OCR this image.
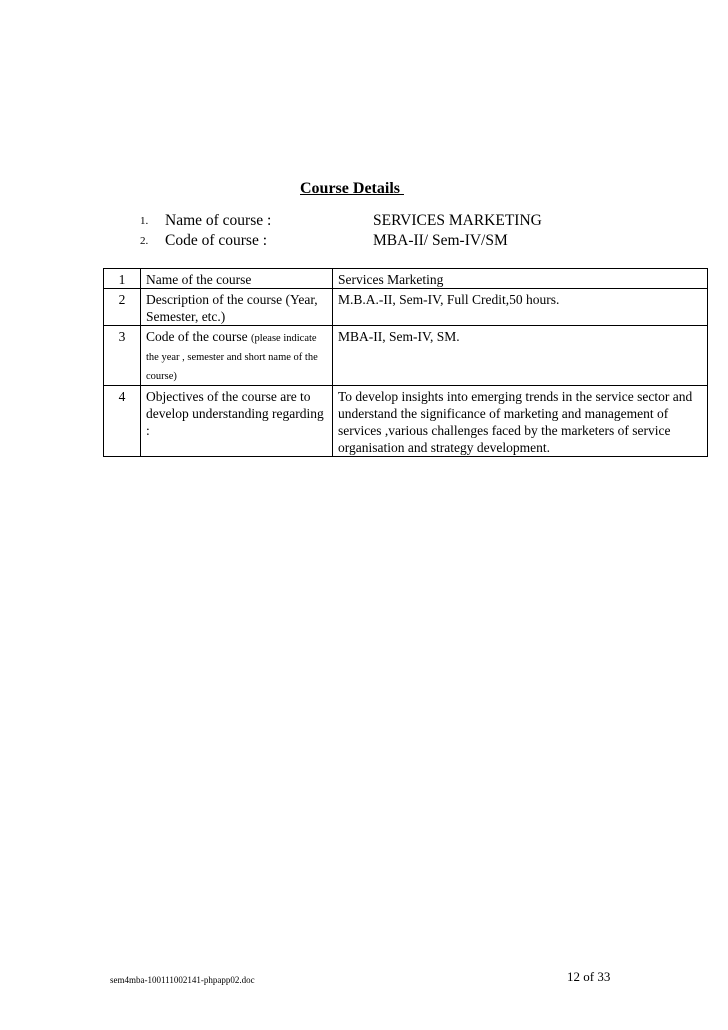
Course Details
1. Name of course :	SERVICES MARKETING
2. Code of course :	MBA-II/ Sem-IV/SM
1	Name of the course	Services Marketing
2	Description of the course (Year, Semester, etc.)	M.B.A.-II, Sem-IV, Full Credit,50 hours.
3	Code of the course (please indicate the year , semester and short name of the course)	MBA-II, Sem-IV, SM.
4	Objectives of the course are to develop understanding regarding :	To develop insights into emerging trends in the service sector and understand the significance of marketing and management of services ,various challenges faced by the marketers of service organisation and strategy development.
sem4mba-100111002141-phpapp02.doc	12 of 33
